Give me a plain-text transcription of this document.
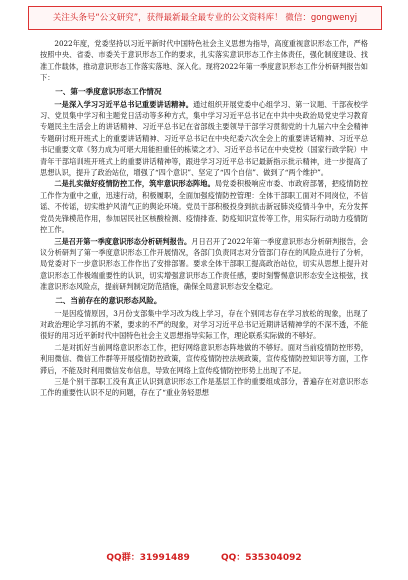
关注头条号“公文研究”，获得最新最全最专业的公文资料库！ 微信：gongwenyj

2022年度，党委坚持以习近平新时代中国特色社会主义思想为指导，高度重视意识形态工作，严格按照中央、省委、市委关于意识形态工作的要求，扎实落实意识形态工作主体责任，强化制度建设、找准工作载体，推动意识形态工作落实落地、深入化。现将2022年第一季度意识形态工作分析研判报告如下：

一、第一季度意识形态工作情况

一是深入学习习近平总书记重要讲话精神。通过组织开展党委中心组学习、第一议题、干部夜校学习、党员集中学习和主题党日活动等多种方式，集中学习习近平总书记在中共中央政治局党史学习教育专题民主生活会上的讲话精神、习近平总书记在省部级主要领导干部学习贯彻党的十九届六中全会精神专题研讨班开班式上的重要讲话精神、习近平总书记在中央纪委六次全会上的重要讲话精神、习近平总书记重要文章《努力成为可堪大用能担重任的栋梁之才》、习近平总书记在中央党校（国家行政学院）中青年干部培训班开班式上的重要讲话精神等，跟进学习习近平总书记最新指示批示精神，进一步提高了思想认识，提升了政治站位，增强了“四个意识”、坚定了“四个自信”、做到了“两个维护”。

二是扎实做好疫情防控工作，筑牢意识形态阵地。局党委积极响应市委、市政府部署，把疫情防控工作作为重中之重，迅速行动，积极履职，全面加强疫情防控管理：全体干部职工面对不同岗位，不信谣、不传谣，切实维护风清气正的舆论环境。党员干部积极投身到抗击新冠肺炎疫情斗争中，充分发挥党员先锋模范作用，参加居民社区核酸检测、疫情排查、防疫知识宣传等工作，用实际行动助力疫情防控工作。

三是召开第一季度意识形态分析研判报告。月日召开了2022年第一季度意识形态分析研判报告，会议分析研判了第一季度意识形态工作开展情况，各部门负责同志对分管部门存在的风险点进行了分析，局党委对下一步意识形态工作作出了安排部署。要求全体干部职工提高政治站位，切实从思想上提升对意识形态工作极端重要性的认识，切实增强意识形态工作责任感，要时刻警惕意识形态安全这根弦，找准意识形态风险点，提前研判制定防范措施，确保全局意识形态安全稳定。

二、当前存在的意识形态风险。

一是因疫情原因，3月份支部集中学习改为线上学习，存在个别同志存在学习放松的现象，出现了对政治理论学习抓的不紧，要求的不严的现象，对学习习近平总书记近期讲话精神学的不深不透，不能很好的用习近平新时代中国特色社会主义思想指导实际工作，理论联系实际做的不够好。

二是对抓好当前网络意识形态工作，把好网络意识形态阵地做的不够好。面对当前疫情防控形势，利用微信、微信工作群等开展疫情防控政策，宣传疫情防控法规政策，宣传疫情防控知识等方面，工作滞后，不能及时利用微信发布信息，导致在网络上宣传疫情防控形势上出现了不足。

三是个别干部职工没有真正认识到意识形态工作是基层工作的重要组成部分，普遍存在对意识形态工作的重要性认识不足的问题，存在了“重业务轻思想

QQ群：31991489	QQ：535304092
